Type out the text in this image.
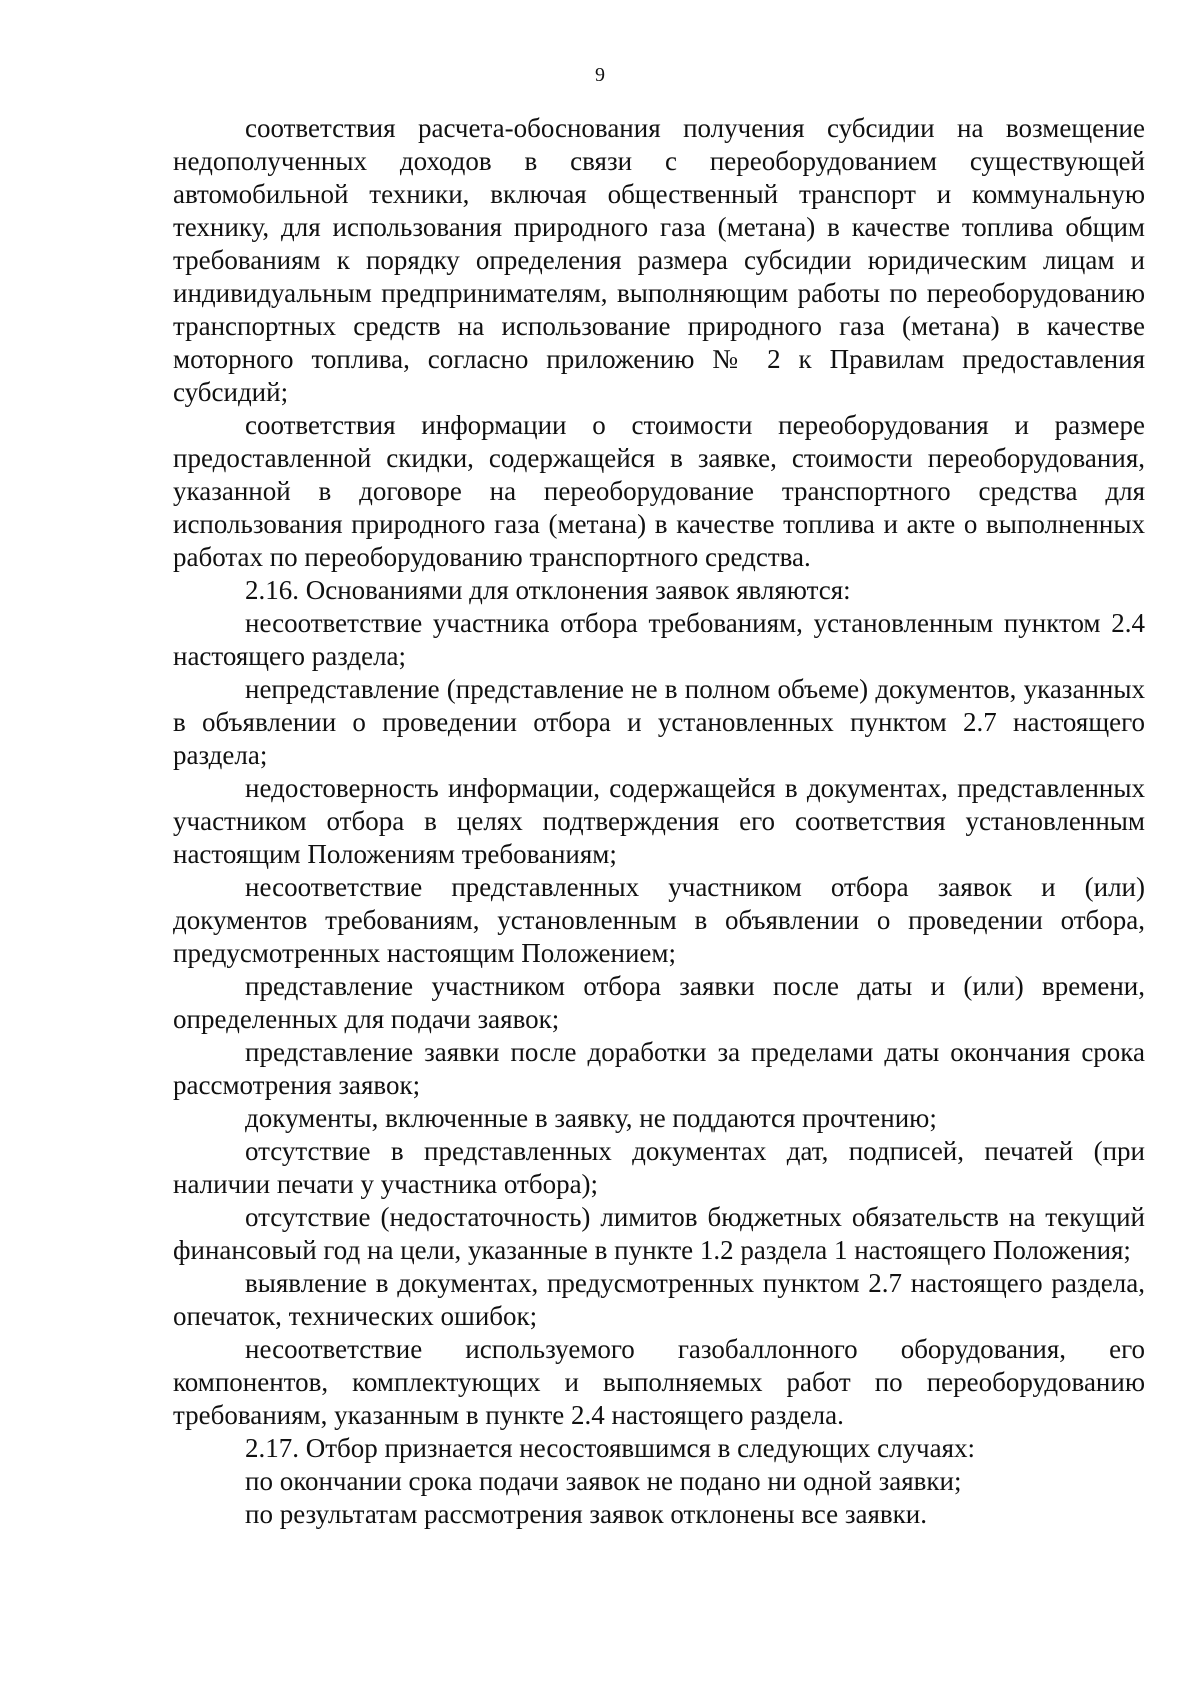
9

соответствия расчета-обоснования получения субсидии на возмещение недополученных доходов в связи с переоборудованием существующей автомобильной техники, включая общественный транспорт и коммунальную технику, для использования природного газа (метана) в качестве топлива общим требованиям к порядку определения размера субсидии юридическим лицам и индивидуальным предпринимателям, выполняющим работы по переоборудованию транспортных средств на использование природного газа (метана) в качестве моторного топлива, согласно приложению № 2 к Правилам предоставления субсидий;

соответствия информации о стоимости переоборудования и размере предоставленной скидки, содержащейся в заявке, стоимости переоборудования, указанной в договоре на переоборудование транспортного средства для использования природного газа (метана) в качестве топлива и акте о выполненных работах по переоборудованию транспортного средства.

2.16. Основаниями для отклонения заявок являются:

несоответствие участника отбора требованиям, установленным пунктом 2.4 настоящего раздела;

непредставление (представление не в полном объеме) документов, указанных в объявлении о проведении отбора и установленных пунктом 2.7 настоящего раздела;

недостоверность информации, содержащейся в документах, представленных участником отбора в целях подтверждения его соответствия установленным настоящим Положениям требованиям;

несоответствие представленных участником отбора заявок и (или) документов требованиям, установленным в объявлении о проведении отбора, предусмотренных настоящим Положением;

представление участником отбора заявки после даты и (или) времени, определенных для подачи заявок;

представление заявки после доработки за пределами даты окончания срока рассмотрения заявок;

документы, включенные в заявку, не поддаются прочтению;

отсутствие в представленных документах дат, подписей, печатей (при наличии печати у участника отбора);

отсутствие (недостаточность) лимитов бюджетных обязательств на текущий финансовый год на цели, указанные в пункте 1.2 раздела 1 настоящего Положения;

выявление в документах, предусмотренных пунктом 2.7 настоящего раздела, опечаток, технических ошибок;

несоответствие используемого газобаллонного оборудования, его компонентов, комплектующих и выполняемых работ по переоборудованию требованиям, указанным в пункте 2.4 настоящего раздела.

2.17. Отбор признается несостоявшимся в следующих случаях:

по окончании срока подачи заявок не подано ни одной заявки;

по результатам рассмотрения заявок отклонены все заявки.
